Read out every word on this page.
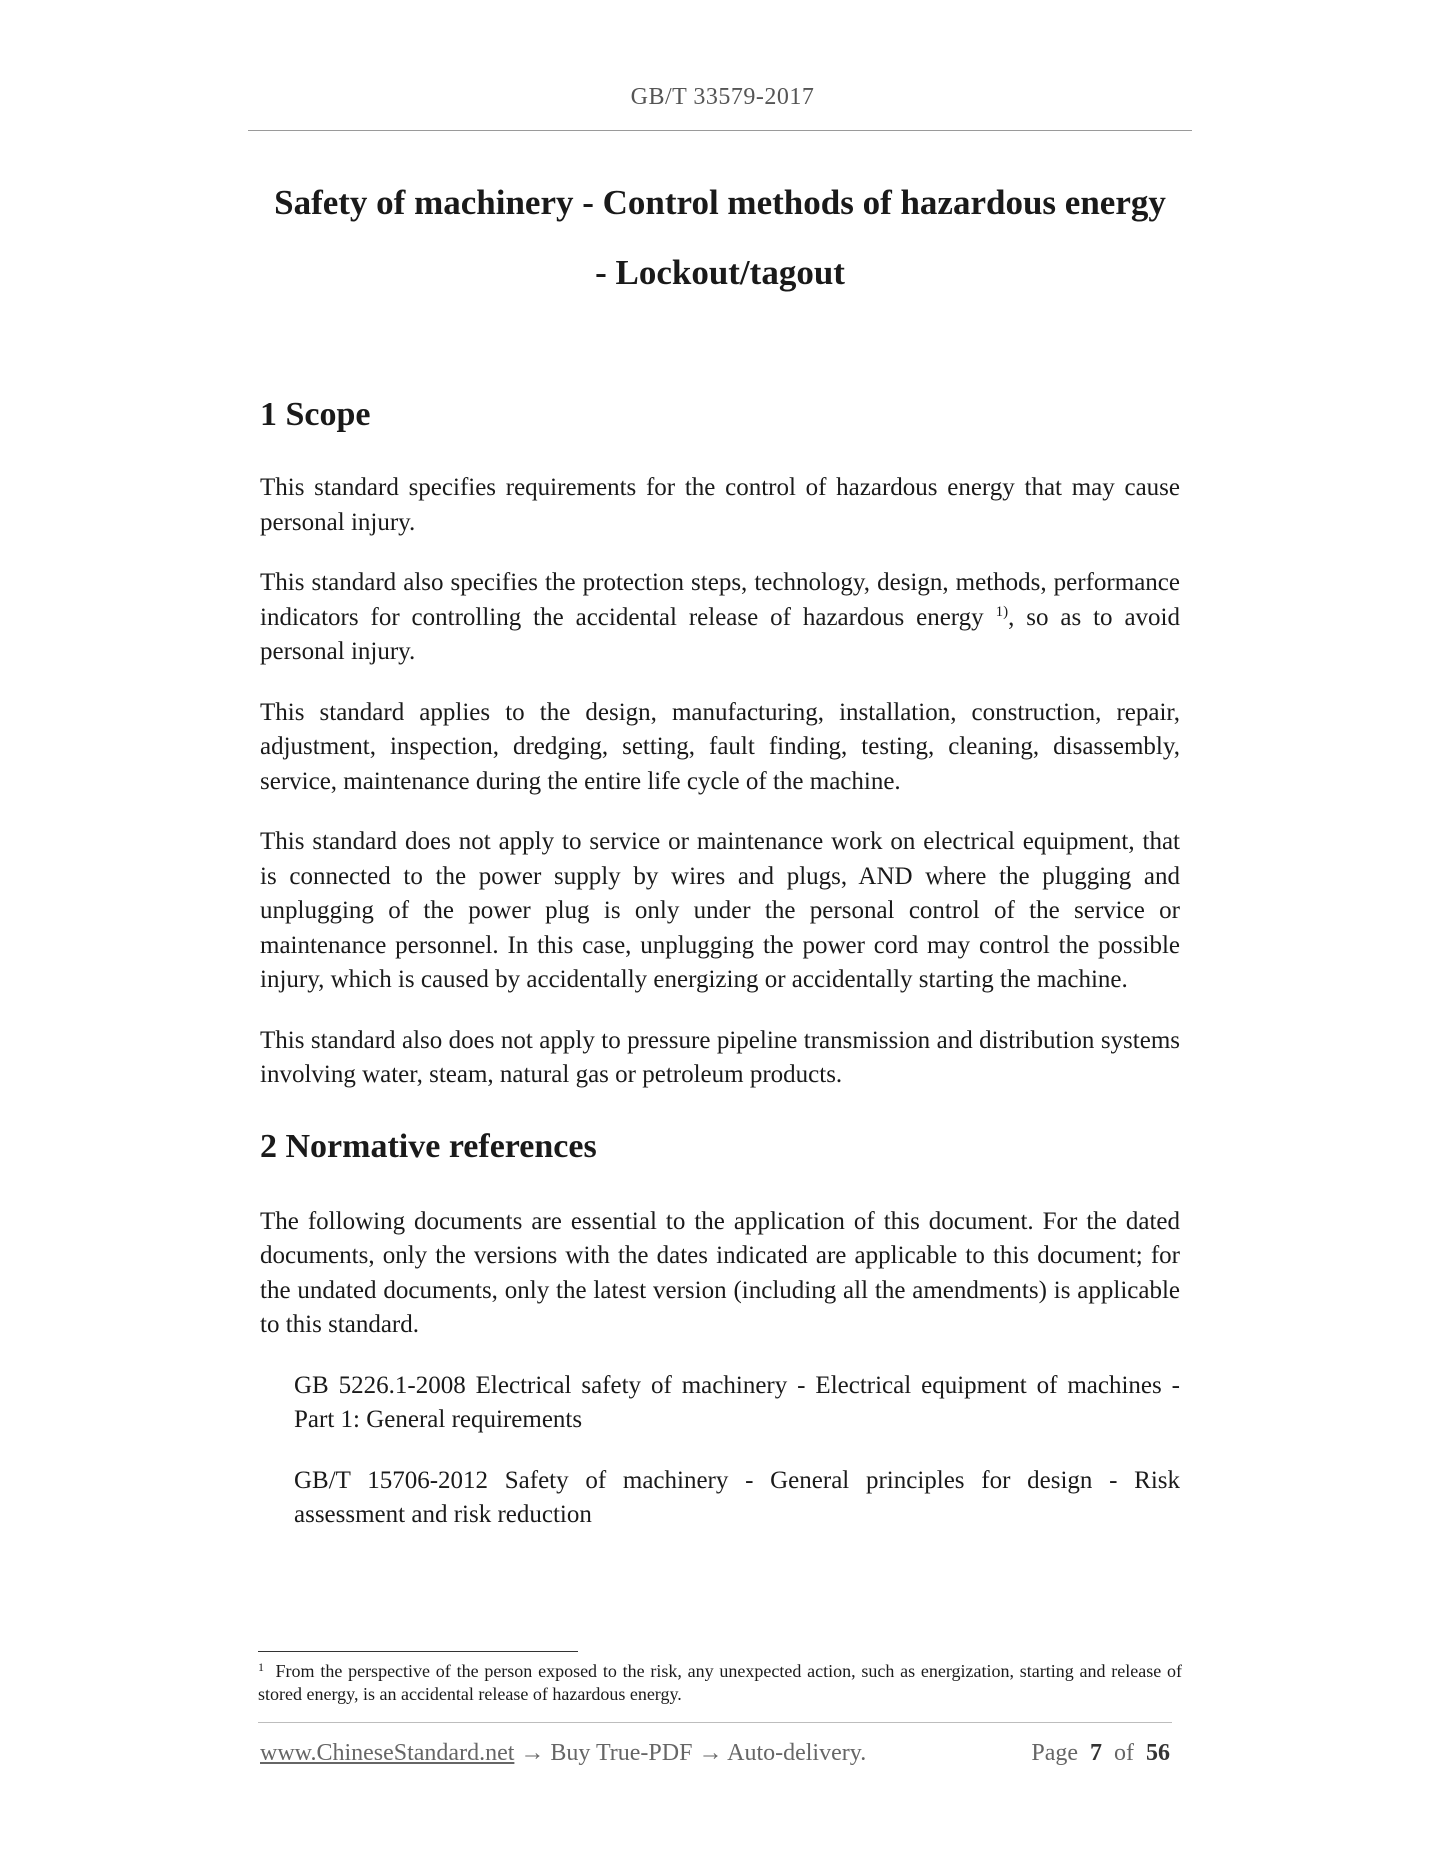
GB/T 33579-2017
Safety of machinery - Control methods of hazardous energy
- Lockout/tagout
1 Scope

This standard specifies requirements for the control of hazardous energy that may cause personal injury.

This standard also specifies the protection steps, technology, design, methods, performance indicators for controlling the accidental release of hazardous energy $^{1)}$, so as to avoid personal injury.

This standard applies to the design, manufacturing, installation, construction, repair, adjustment, inspection, dredging, setting, fault finding, testing, cleaning, disassembly, service, maintenance during the entire life cycle of the machine.

This standard does not apply to service or maintenance work on electrical equipment, that is connected to the power supply by wires and plugs, AND where the plugging and unplugging of the power plug is only under the personal control of the service or maintenance personnel. In this case, unplugging the power cord may control the possible injury, which is caused by accidentally energizing or accidentally starting the machine.

This standard also does not apply to pressure pipeline transmission and distribution systems involving water, steam, natural gas or petroleum products.

2 Normative references

The following documents are essential to the application of this document. For the dated documents, only the versions with the dates indicated are applicable to this document; for the undated documents, only the latest version (including all the amendments) is applicable to this standard.

GB 5226.1-2008 Electrical safety of machinery - Electrical equipment of machines - Part 1: General requirements

GB/T 15706-2012 Safety of machinery - General principles for design - Risk assessment and risk reduction

$^1$ From the perspective of the person exposed to the risk, any unexpected action, such as energization, starting and release of stored energy, is an accidental release of hazardous energy.

www.ChineseStandard.net → Buy True-PDF → Auto-delivery.	Page 7 of 56
